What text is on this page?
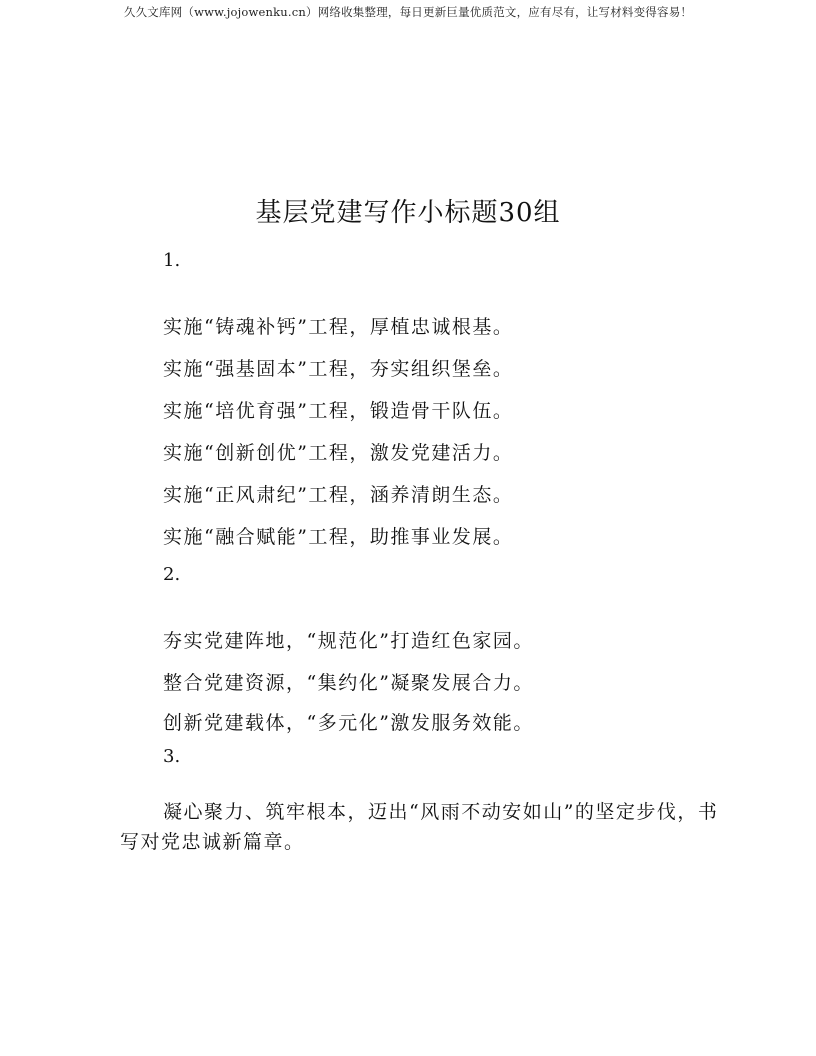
久久文库网（www.jojowenku.cn）网络收集整理，每日更新巨量优质范文，应有尽有，让写材料变得容易！
基层党建写作小标题30组
1.
实施“铸魂补钙”工程，厚植忠诚根基。
实施“强基固本”工程，夯实组织堡垒。
实施“培优育强”工程，锻造骨干队伍。
实施“创新创优”工程，激发党建活力。
实施“正风肃纪”工程，涵养清朗生态。
实施“融合赋能”工程，助推事业发展。
2.
夯实党建阵地，“规范化”打造红色家园。
整合党建资源，“集约化”凝聚发展合力。
创新党建载体，“多元化”激发服务效能。
3.

凝心聚力、筑牢根本，迈出“风雨不动安如山”的坚定步伐，书写对党忠诚新篇章。
